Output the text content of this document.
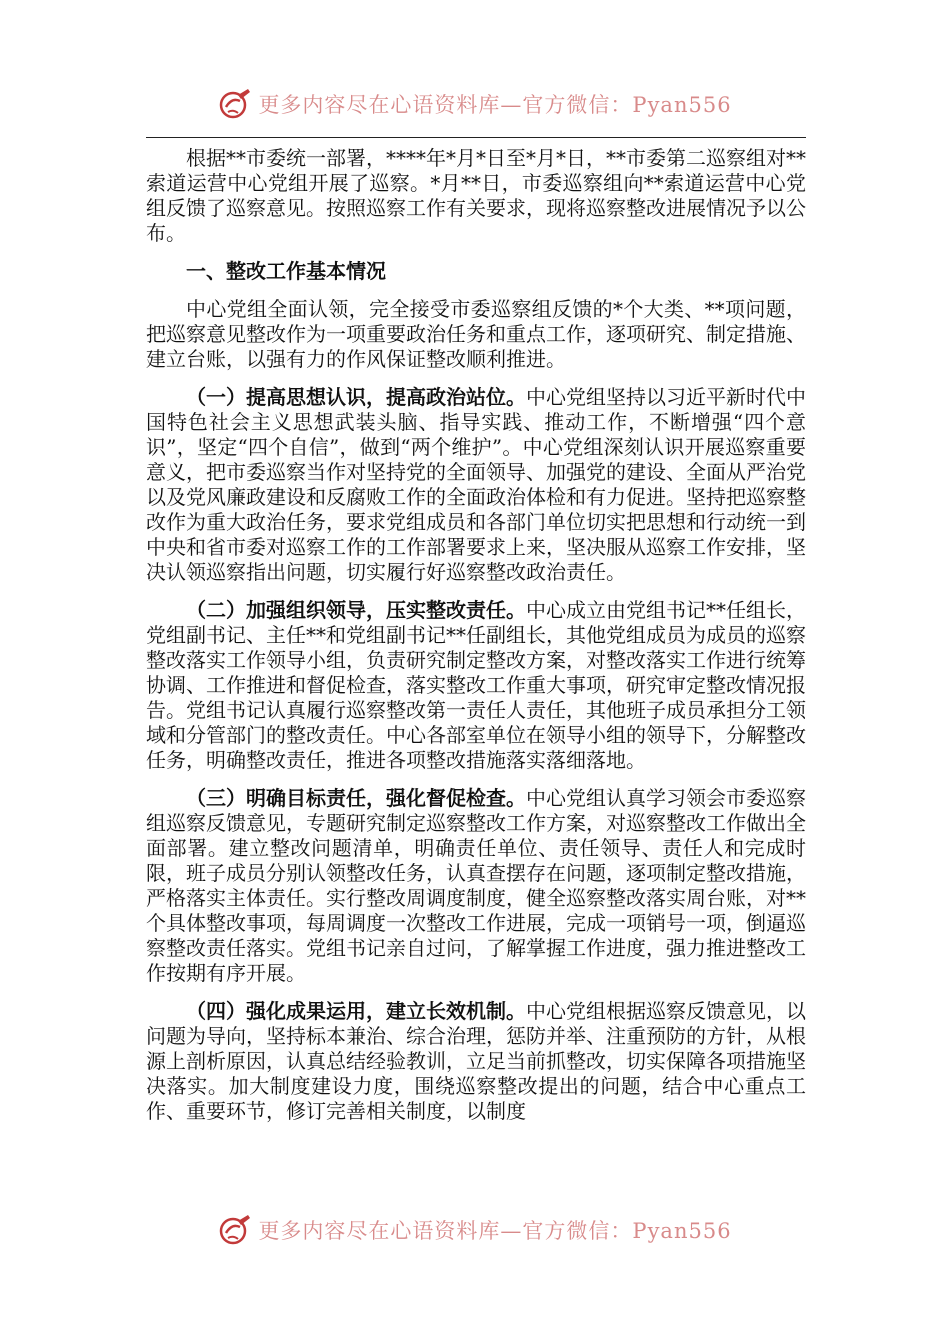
更多内容尽在心语资料库—官方微信：Pyan556

根据**市委统一部署，****年*月*日至*月*日，**市委第二巡察组对**索道运营中心党组开展了巡察。*月**日，市委巡察组向**索道运营中心党组反馈了巡察意见。按照巡察工作有关要求，现将巡察整改进展情况予以公布。

一、整改工作基本情况

中心党组全面认领，完全接受市委巡察组反馈的*个大类、**项问题，把巡察意见整改作为一项重要政治任务和重点工作，逐项研究、制定措施、建立台账，以强有力的作风保证整改顺利推进。

（一）提高思想认识，提高政治站位。中心党组坚持以习近平新时代中国特色社会主义思想武装头脑、指导实践、推动工作，不断增强“四个意识”，坚定“四个自信”，做到“两个维护”。中心党组深刻认识开展巡察重要意义，把市委巡察当作对坚持党的全面领导、加强党的建设、全面从严治党以及党风廉政建设和反腐败工作的全面政治体检和有力促进。坚持把巡察整改作为重大政治任务，要求党组成员和各部门单位切实把思想和行动统一到中央和省市委对巡察工作的工作部署要求上来，坚决服从巡察工作安排，坚决认领巡察指出问题，切实履行好巡察整改政治责任。

（二）加强组织领导，压实整改责任。中心成立由党组书记**任组长，党组副书记、主任**和党组副书记**任副组长，其他党组成员为成员的巡察整改落实工作领导小组，负责研究制定整改方案，对整改落实工作进行统筹协调、工作推进和督促检查，落实整改工作重大事项，研究审定整改情况报告。党组书记认真履行巡察整改第一责任人责任，其他班子成员承担分工领域和分管部门的整改责任。中心各部室单位在领导小组的领导下，分解整改任务，明确整改责任，推进各项整改措施落实落细落地。

（三）明确目标责任，强化督促检查。中心党组认真学习领会市委巡察组巡察反馈意见，专题研究制定巡察整改工作方案，对巡察整改工作做出全面部署。建立整改问题清单，明确责任单位、责任领导、责任人和完成时限，班子成员分别认领整改任务，认真查摆存在问题，逐项制定整改措施，严格落实主体责任。实行整改周调度制度，健全巡察整改落实周台账，对**个具体整改事项，每周调度一次整改工作进展，完成一项销号一项，倒逼巡察整改责任落实。党组书记亲自过问，了解掌握工作进度，强力推进整改工作按期有序开展。

（四）强化成果运用，建立长效机制。中心党组根据巡察反馈意见，以问题为导向，坚持标本兼治、综合治理，惩防并举、注重预防的方针，从根源上剖析原因，认真总结经验教训，立足当前抓整改，切实保障各项措施坚决落实。加大制度建设力度，围绕巡察整改提出的问题，结合中心重点工作、重要环节，修订完善相关制度，以制度

更多内容尽在心语资料库—官方微信：Pyan556
